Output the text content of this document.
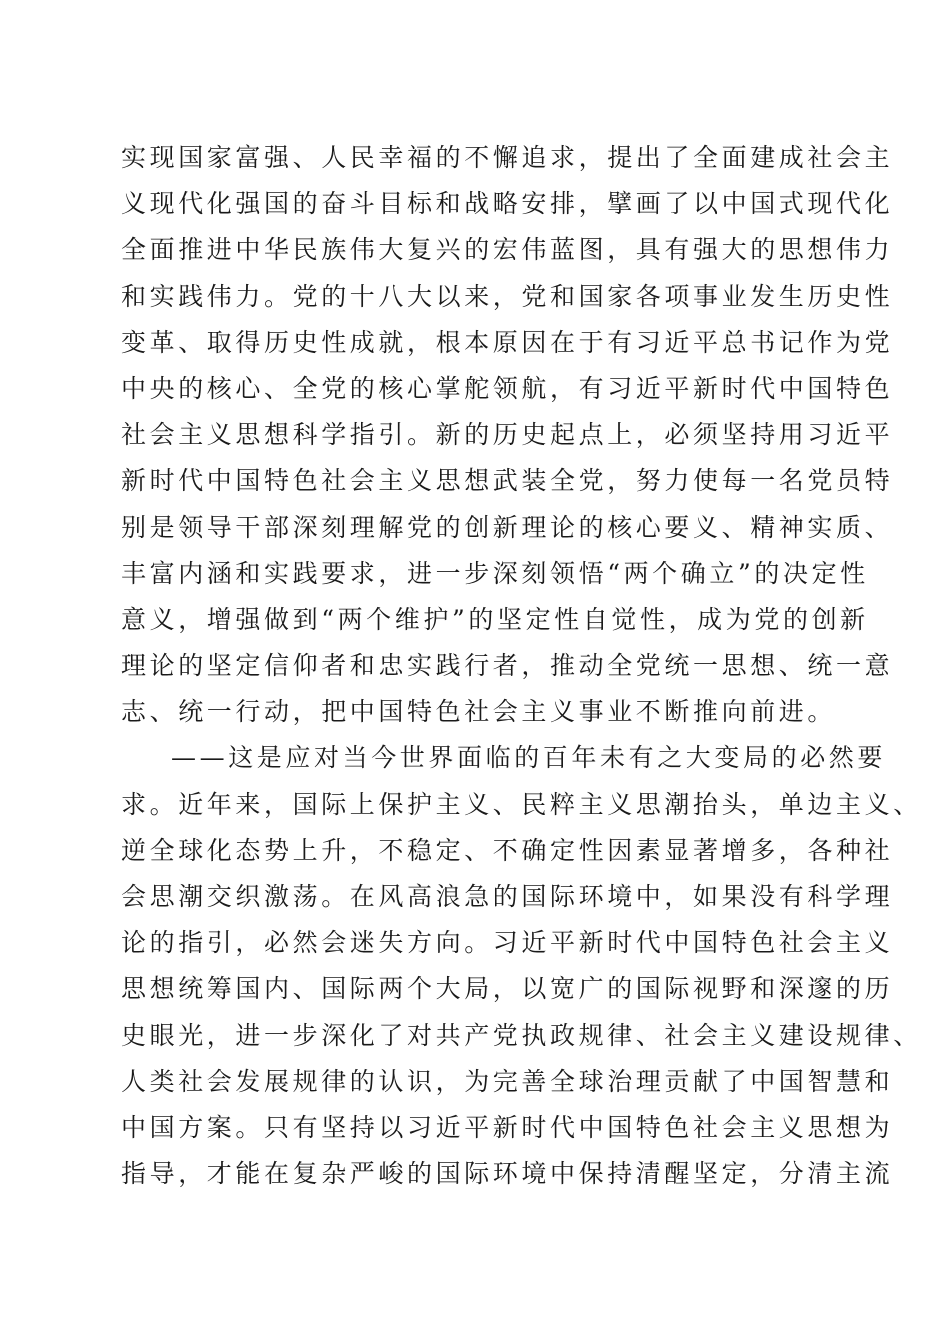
实现国家富强、人民幸福的不懈追求，提出了全面建成社会主
义现代化强国的奋斗目标和战略安排，擘画了以中国式现代化
全面推进中华民族伟大复兴的宏伟蓝图，具有强大的思想伟力
和实践伟力。党的十八大以来，党和国家各项事业发生历史性
变革、取得历史性成就，根本原因在于有习近平总书记作为党
中央的核心、全党的核心掌舵领航，有习近平新时代中国特色
社会主义思想科学指引。新的历史起点上，必须坚持用习近平
新时代中国特色社会主义思想武装全党，努力使每一名党员特
别是领导干部深刻理解党的创新理论的核心要义、精神实质、
丰富内涵和实践要求，进一步深刻领悟“两个确立”的决定性
意义，增强做到“两个维护”的坚定性自觉性，成为党的创新
理论的坚定信仰者和忠实践行者，推动全党统一思想、统一意
志、统一行动，把中国特色社会主义事业不断推向前进。
——这是应对当今世界面临的百年未有之大变局的必然要
求。近年来，国际上保护主义、民粹主义思潮抬头，单边主义、
逆全球化态势上升，不稳定、不确定性因素显著增多，各种社
会思潮交织激荡。在风高浪急的国际环境中，如果没有科学理
论的指引，必然会迷失方向。习近平新时代中国特色社会主义
思想统筹国内、国际两个大局，以宽广的国际视野和深邃的历
史眼光，进一步深化了对共产党执政规律、社会主义建设规律、
人类社会发展规律的认识，为完善全球治理贡献了中国智慧和
中国方案。只有坚持以习近平新时代中国特色社会主义思想为
指导，才能在复杂严峻的国际环境中保持清醒坚定，分清主流
